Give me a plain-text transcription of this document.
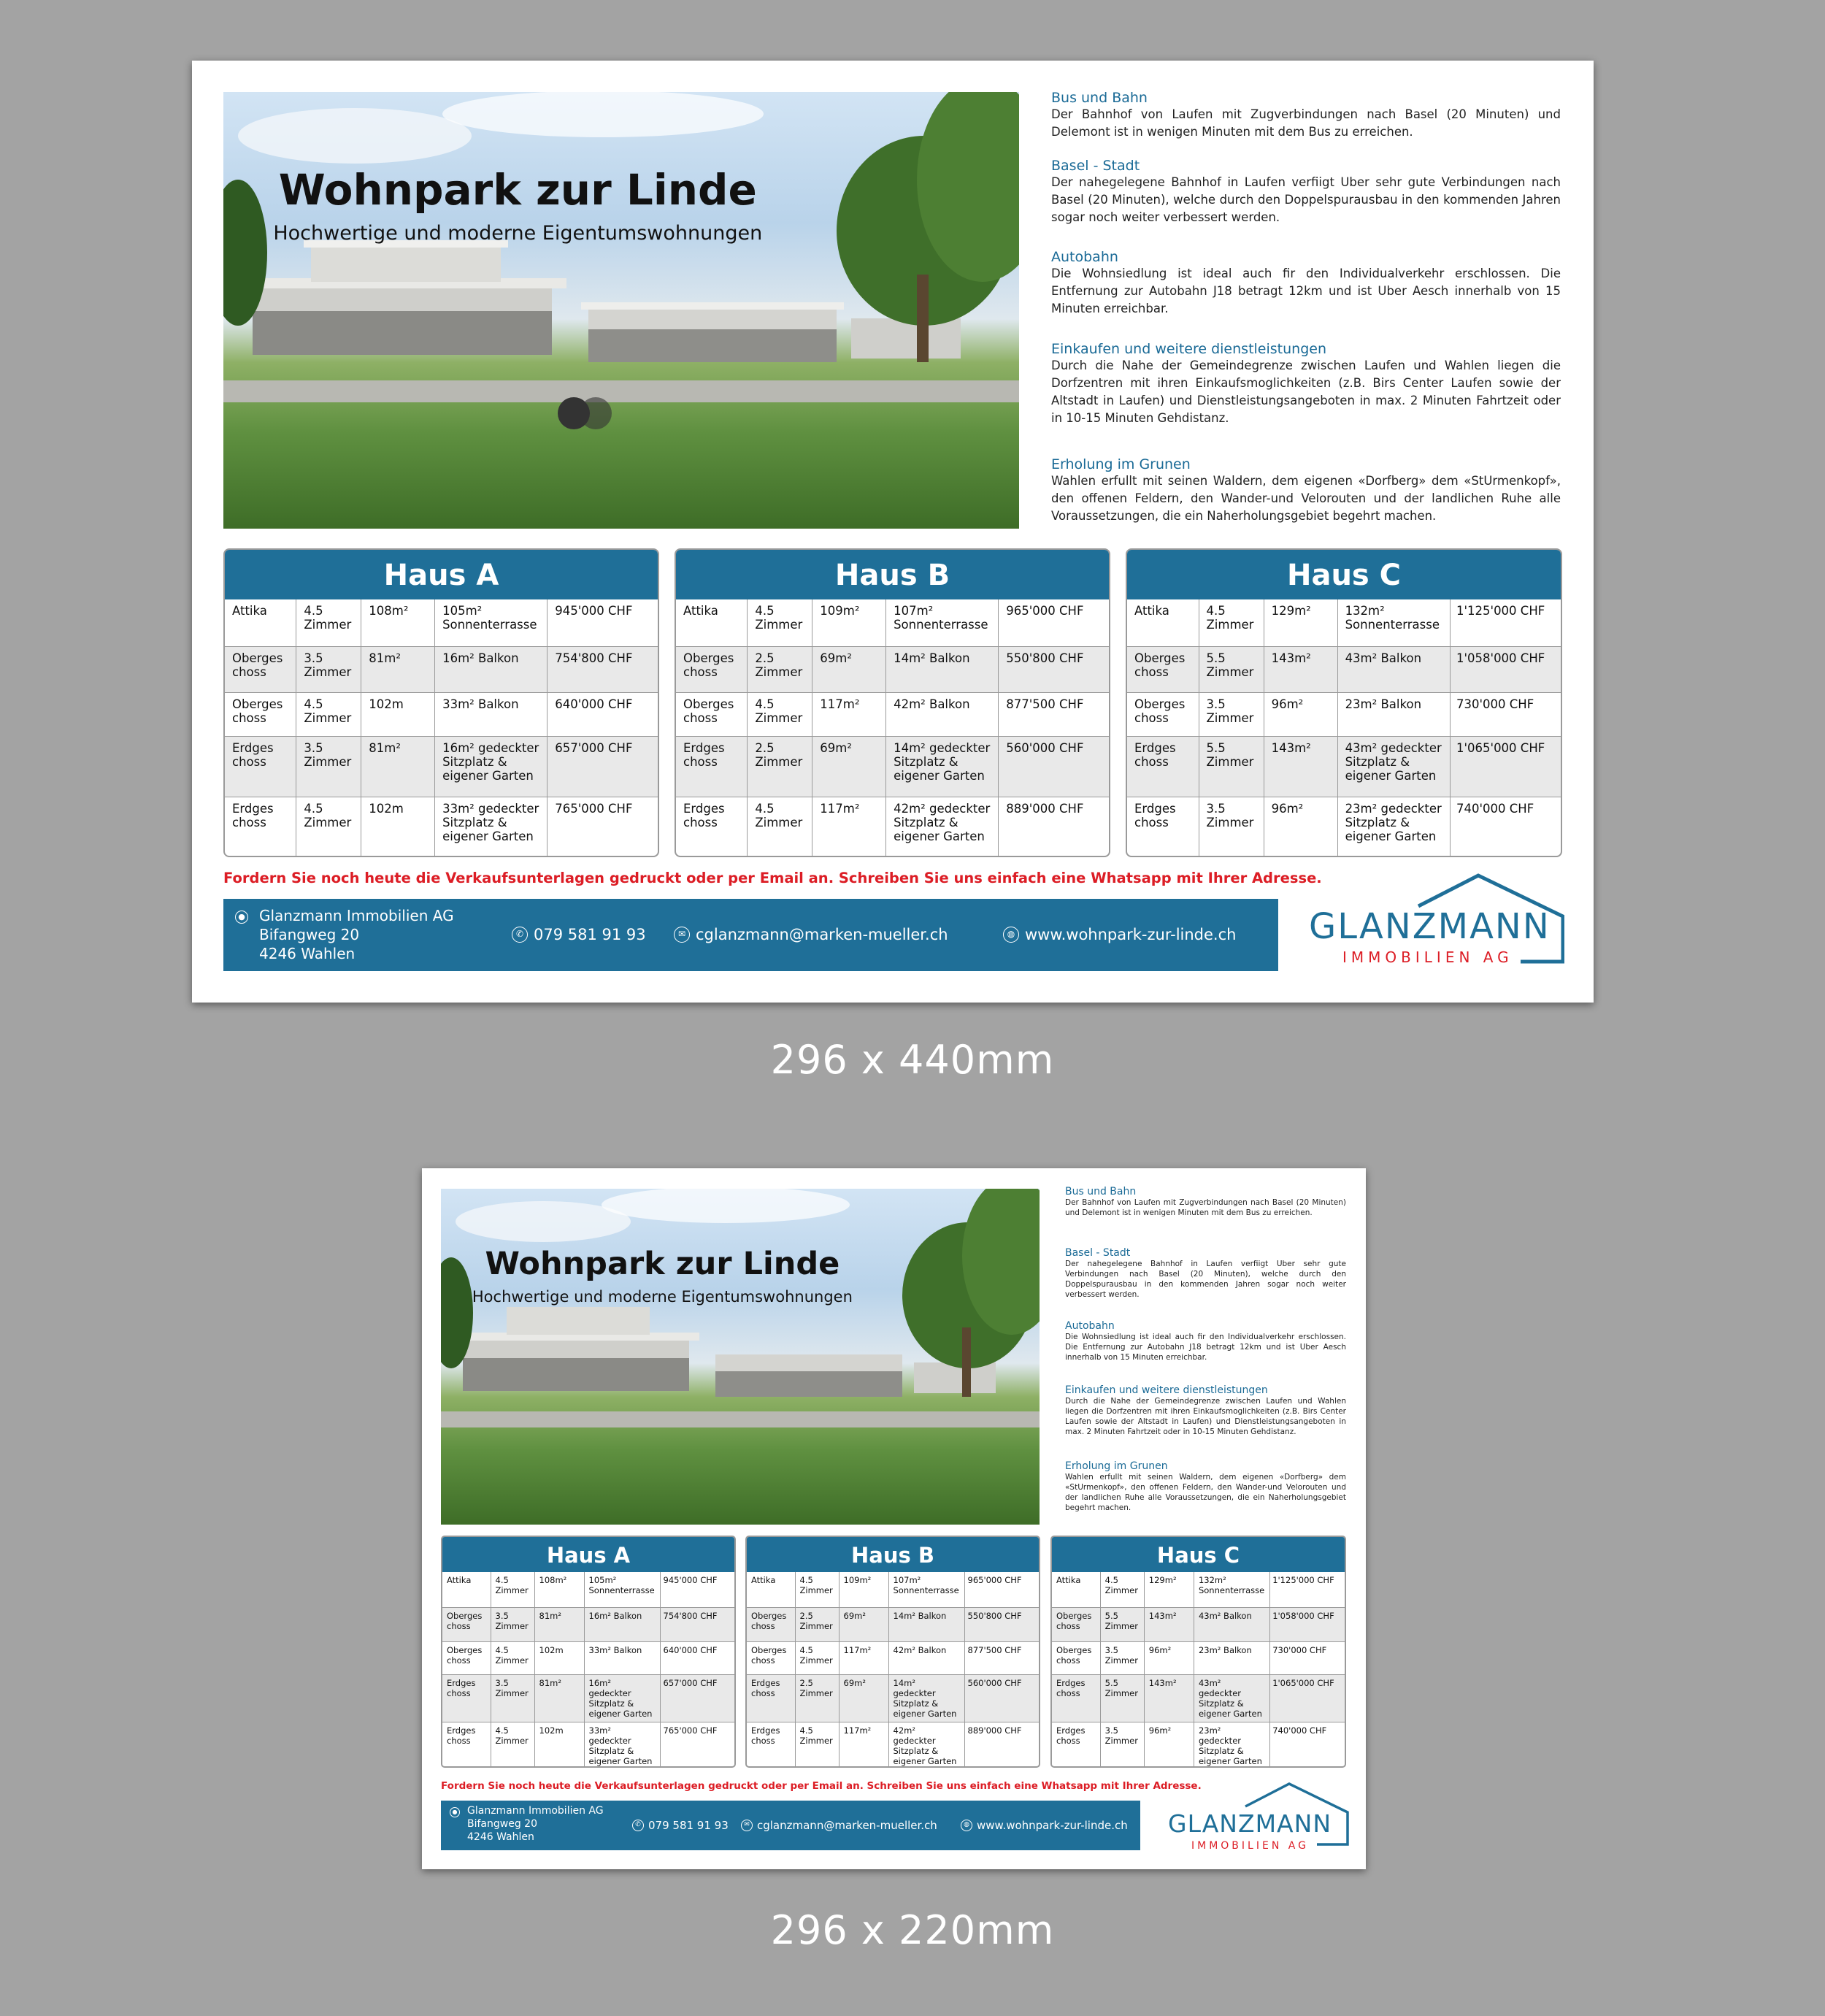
Wohnpark zur Linde
Hochwertige und moderne Eigentumswohnungen
Bus und Bahn

Der Bahnhof von Laufen mit Zugverbindungen nach Basel (20 Minuten) und Delemont ist in wenigen Minuten mit dem Bus zu erreichen.

Basel - Stadt

Der nahegelegene Bahnhof in Laufen verfiigt Uber sehr gute Verbindungen nach Basel (20 Minuten), welche durch den Doppelspurausbau in den kommenden Jahren sogar noch weiter verbessert werden.

Autobahn

Die Wohnsiedlung ist ideal auch fir den Individualverkehr erschlossen. Die Entfernung zur Autobahn J18 betragt 12km und ist Uber Aesch innerhalb von 15 Minuten erreichbar.

Einkaufen und weitere dienstleistungen

Durch die Nahe der Gemeindegrenze zwischen Laufen und Wahlen liegen die Dorfzentren mit ihren Einkaufsmoglichkeiten (z.B. Birs Center Laufen sowie der Altstadt in Laufen) und Dienstleistungsangeboten in max. 2 Minuten Fahrtzeit oder in 10-15 Minuten Gehdistanz.

Erholung im Grunen

Wahlen erfullt mit seinen Waldern, dem eigenen «Dorfberg» dem «StUrmenkopf», den offenen Feldern, den Wander-und Velorouten und der landlichen Ruhe alle Voraussetzungen, die ein Naherholungsgebiet begehrt machen.

Haus A
Attika	4.5 Zimmer	108m²	105m² Sonnenterrasse	945'000 CHF
Oberges choss	3.5 Zimmer	81m²	16m² Balkon	754'800 CHF
Oberges choss	4.5 Zimmer	102m	33m² Balkon	640'000 CHF
Erdges choss	3.5 Zimmer	81m²	16m² gedeckter Sitzplatz & eigener Garten	657'000 CHF
Erdges choss	4.5 Zimmer	102m	33m² gedeckter Sitzplatz & eigener Garten	765'000 CHF
Haus B
Attika	4.5 Zimmer	109m²	107m² Sonnenterrasse	965'000 CHF
Oberges choss	2.5 Zimmer	69m²	14m² Balkon	550'800 CHF
Oberges choss	4.5 Zimmer	117m²	42m² Balkon	877'500 CHF
Erdges choss	2.5 Zimmer	69m²	14m² gedeckter Sitzplatz & eigener Garten	560'000 CHF
Erdges choss	4.5 Zimmer	117m²	42m² gedeckter Sitzplatz & eigener Garten	889'000 CHF
Haus C
Attika	4.5 Zimmer	129m²	132m² Sonnenterrasse	1'125'000 CHF
Oberges choss	5.5 Zimmer	143m²	43m² Balkon	1'058'000 CHF
Oberges choss	3.5 Zimmer	96m²	23m² Balkon	730'000 CHF
Erdges choss	5.5 Zimmer	143m²	43m² gedeckter Sitzplatz & eigener Garten	1'065'000 CHF
Erdges choss	3.5 Zimmer	96m²	23m² gedeckter Sitzplatz & eigener Garten	740'000 CHF
Fordern Sie noch heute die Verkaufsunterlagen gedruckt oder per Email an. Schreiben Sie uns einfach eine Whatsapp mit Ihrer Adresse.
● Glanzmann Immobilien AG
Bifangweg 20
4246 Wahlen
✆ 079 581 91 93	✉ cglanzmann@marken-mueller.ch	◍ www.wohnpark-zur-linde.ch GLANZMANN
IMMOBILIEN AG
296 x 440mm
Wohnpark zur Linde
Hochwertige und moderne Eigentumswohnungen
Bus und Bahn

Der Bahnhof von Laufen mit Zugverbindungen nach Basel (20 Minuten) und Delemont ist in wenigen Minuten mit dem Bus zu erreichen.

Basel - Stadt

Der nahegelegene Bahnhof in Laufen verfiigt Uber sehr gute Verbindungen nach Basel (20 Minuten), welche durch den Doppelspurausbau in den kommenden Jahren sogar noch weiter verbessert werden.

Autobahn

Die Wohnsiedlung ist ideal auch fir den Individualverkehr erschlossen. Die Entfernung zur Autobahn J18 betragt 12km und ist Uber Aesch innerhalb von 15 Minuten erreichbar.

Einkaufen und weitere dienstleistungen

Durch die Nahe der Gemeindegrenze zwischen Laufen und Wahlen liegen die Dorfzentren mit ihren Einkaufsmoglichkeiten (z.B. Birs Center Laufen sowie der Altstadt in Laufen) und Dienstleistungsangeboten in max. 2 Minuten Fahrtzeit oder in 10-15 Minuten Gehdistanz.

Erholung im Grunen

Wahlen erfullt mit seinen Waldern, dem eigenen «Dorfberg» dem «StUrmenkopf», den offenen Feldern, den Wander-und Velorouten und der landlichen Ruhe alle Voraussetzungen, die ein Naherholungsgebiet begehrt machen.

Haus A
Attika	4.5 Zimmer	108m²	105m² Sonnenterrasse	945'000 CHF
Oberges choss	3.5 Zimmer	81m²	16m² Balkon	754'800 CHF
Oberges choss	4.5 Zimmer	102m	33m² Balkon	640'000 CHF
Erdges choss	3.5 Zimmer	81m²	16m² gedeckter Sitzplatz & eigener Garten	657'000 CHF
Erdges choss	4.5 Zimmer	102m	33m² gedeckter Sitzplatz & eigener Garten	765'000 CHF
Haus B
Attika	4.5 Zimmer	109m²	107m² Sonnenterrasse	965'000 CHF
Oberges choss	2.5 Zimmer	69m²	14m² Balkon	550'800 CHF
Oberges choss	4.5 Zimmer	117m²	42m² Balkon	877'500 CHF
Erdges choss	2.5 Zimmer	69m²	14m² gedeckter Sitzplatz & eigener Garten	560'000 CHF
Erdges choss	4.5 Zimmer	117m²	42m² gedeckter Sitzplatz & eigener Garten	889'000 CHF
Haus C
Attika	4.5 Zimmer	129m²	132m² Sonnenterrasse	1'125'000 CHF
Oberges choss	5.5 Zimmer	143m²	43m² Balkon	1'058'000 CHF
Oberges choss	3.5 Zimmer	96m²	23m² Balkon	730'000 CHF
Erdges choss	5.5 Zimmer	143m²	43m² gedeckter Sitzplatz & eigener Garten	1'065'000 CHF
Erdges choss	3.5 Zimmer	96m²	23m² gedeckter Sitzplatz & eigener Garten	740'000 CHF
Fordern Sie noch heute die Verkaufsunterlagen gedruckt oder per Email an. Schreiben Sie uns einfach eine Whatsapp mit Ihrer Adresse.
● Glanzmann Immobilien AG
Bifangweg 20
4246 Wahlen
✆ 079 581 91 93	✉ cglanzmann@marken-mueller.ch	◍ www.wohnpark-zur-linde.ch GLANZMANN
IMMOBILIEN AG
296 x 220mm
